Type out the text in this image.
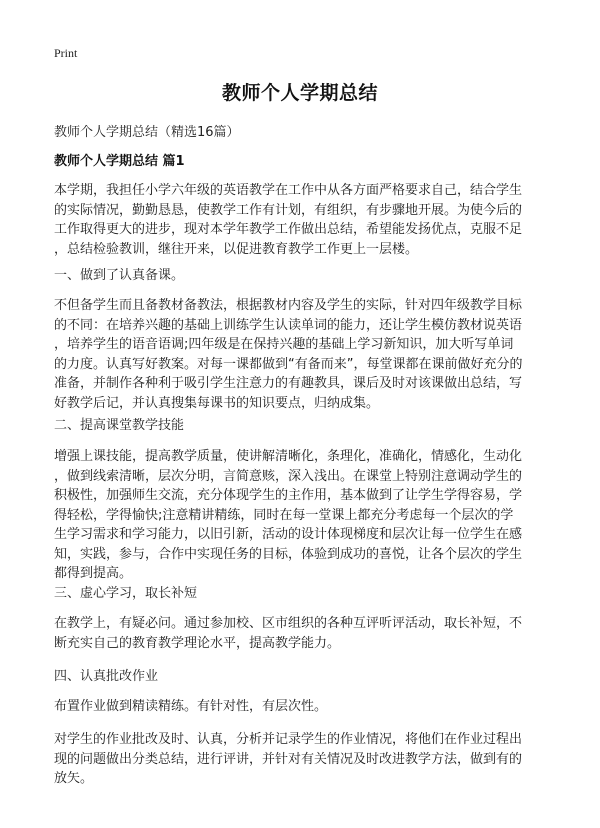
Print
教师个人学期总结

教师个人学期总结（精选16篇）

教师个人学期总结 篇1
本学期，我担任小学六年级的英语教学在工作中从各方面严格要求自己，结合学生
的实际情况，勤勤恳恳，使教学工作有计划，有组织，有步骤地开展。为使今后的
工作取得更大的进步，现对本学年教学工作做出总结，希望能发扬优点，克服不足
，总结检验教训，继往开来，以促进教育教学工作更上一层楼。

一、做到了认真备课。

不但备学生而且备教材备教法，根据教材内容及学生的实际，针对四年级教学目标
的不同：在培养兴趣的基础上训练学生认读单词的能力，还让学生模仿教材说英语
，培养学生的语音语调;四年级是在保持兴趣的基础上学习新知识，加大听写单词
的力度。认真写好教案。对每一课都做到“有备而来”，每堂课都在课前做好充分的
准备，并制作各种利于吸引学生注意力的有趣教具，课后及时对该课做出总结，写
好教学后记，并认真搜集每课书的知识要点，归纳成集。

二、提高课堂教学技能

增强上课技能，提高教学质量，使讲解清晰化，条理化，准确化，情感化，生动化
，做到线索清晰，层次分明，言简意赅，深入浅出。在课堂上特别注意调动学生的
积极性，加强师生交流，充分体现学生的主作用，基本做到了让学生学得容易，学
得轻松，学得愉快;注意精讲精练，同时在每一堂课上都充分考虑每一个层次的学
生学习需求和学习能力，以旧引新，活动的设计体现梯度和层次让每一位学生在感
知，实践，参与，合作中实现任务的目标，体验到成功的喜悦，让各个层次的学生
都得到提高。

三、虚心学习，取长补短

在教学上，有疑必问。通过参加校、区市组织的各种互评听评活动，取长补短，不
断充实自己的教育教学理论水平，提高教学能力。

四、认真批改作业

布置作业做到精读精练。有针对性，有层次性。
对学生的作业批改及时、认真，分析并记录学生的作业情况，将他们在作业过程出
现的问题做出分类总结，进行评讲，并针对有关情况及时改进教学方法，做到有的
放矢。
